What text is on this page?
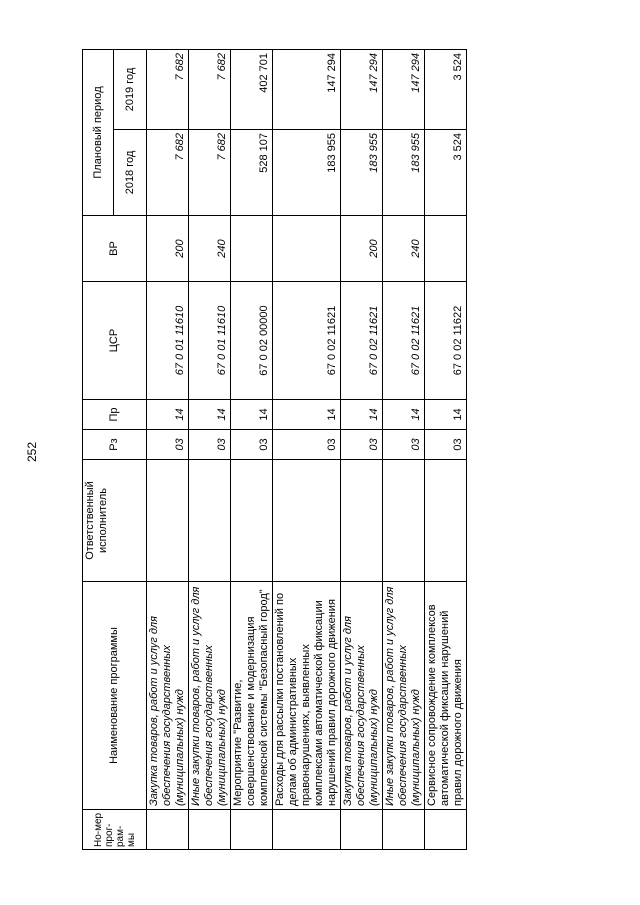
252
Но-мер прог-рам-мы	Наименование программы	Ответственный исполнитель	Рз	Пр	ЦСР	ВР	Плановый период	
							2018 год	2019 год
	Закупка товаров, работ и услуг для обеспечения государственных (муниципальных) нужд		03	14	67 0 01 11610	200	7 682	7 682
	Иные закупки товаров, работ и услуг для обеспечения государственных (муниципальных) нужд		03	14	67 0 01 11610	240	7 682	7 682
	Мероприятие "Развитие, совершенствование и модернизация комплексной системы "Безопасный город"		03	14	67 0 02 00000		528 107	402 701
	Расходы для рассылки постановлений по делам об административных правонарушениях, выявленных комплексами автоматической фиксации нарушений правил дорожного движения		03	14	67 0 02 11621		183 955	147 294
	Закупка товаров, работ и услуг для обеспечения государственных (муниципальных) нужд		03	14	67 0 02 11621	200	183 955	147 294
	Иные закупки товаров, работ и услуг для обеспечения государственных (муниципальных) нужд		03	14	67 0 02 11621	240	183 955	147 294
	Сервисное сопровождение комплексов автоматической фиксации нарушений правил дорожного движения		03	14	67 0 02 11622		3 524	3 524
